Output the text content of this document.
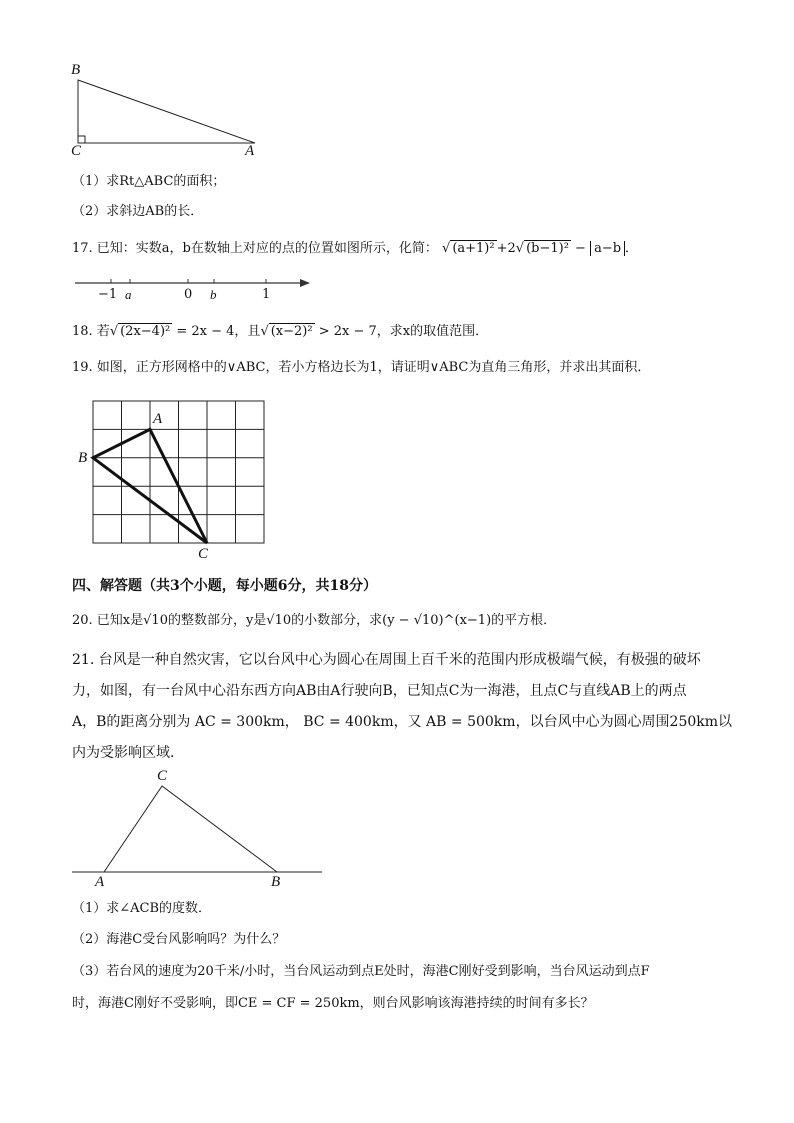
B
C	A
（1）求Rt△ABC的面积；
（2）求斜边AB的长．
17. 已知：实数a，b在数轴上对应的点的位置如图所示，化简： √ (a+1)² +2√ (b−1)² − a−b ．
−1 a	0 b	1
18. 若√ (2x−4)² = 2x − 4，且√ (x−2)² > 2x − 7，求x的取值范围．
19. 如图，正方形网格中的∨ABC，若小方格边长为1，请证明∨ABC为直角三角形，并求出其面积．
A
B
C
四、解答题（共3个小题，每小题6分，共18分）
20. 已知x是√10的整数部分，y是√10的小数部分，求(y − √10)^(x−1)的平方根．
21. 台风是一种自然灾害，它以台风中心为圆心在周围上百千米的范围内形成极端气候，有极强的破坏
力，如图，有一台风中心沿东西方向AB由A行驶向B，已知点C为一海港，且点C与直线AB上的两点
A，B的距离分别为 AC = 300km， BC = 400km，又 AB = 500km，以台风中心为圆心周围250km以
内为受影响区域．
C
A	B
（1）求∠ACB的度数．
（2）海港C受台风影响吗？为什么？
（3）若台风的速度为20千米/小时，当台风运动到点E处时，海港C刚好受到影响，当台风运动到点F
时，海港C刚好不受影响，即CE = CF = 250km，则台风影响该海港持续的时间有多长？
